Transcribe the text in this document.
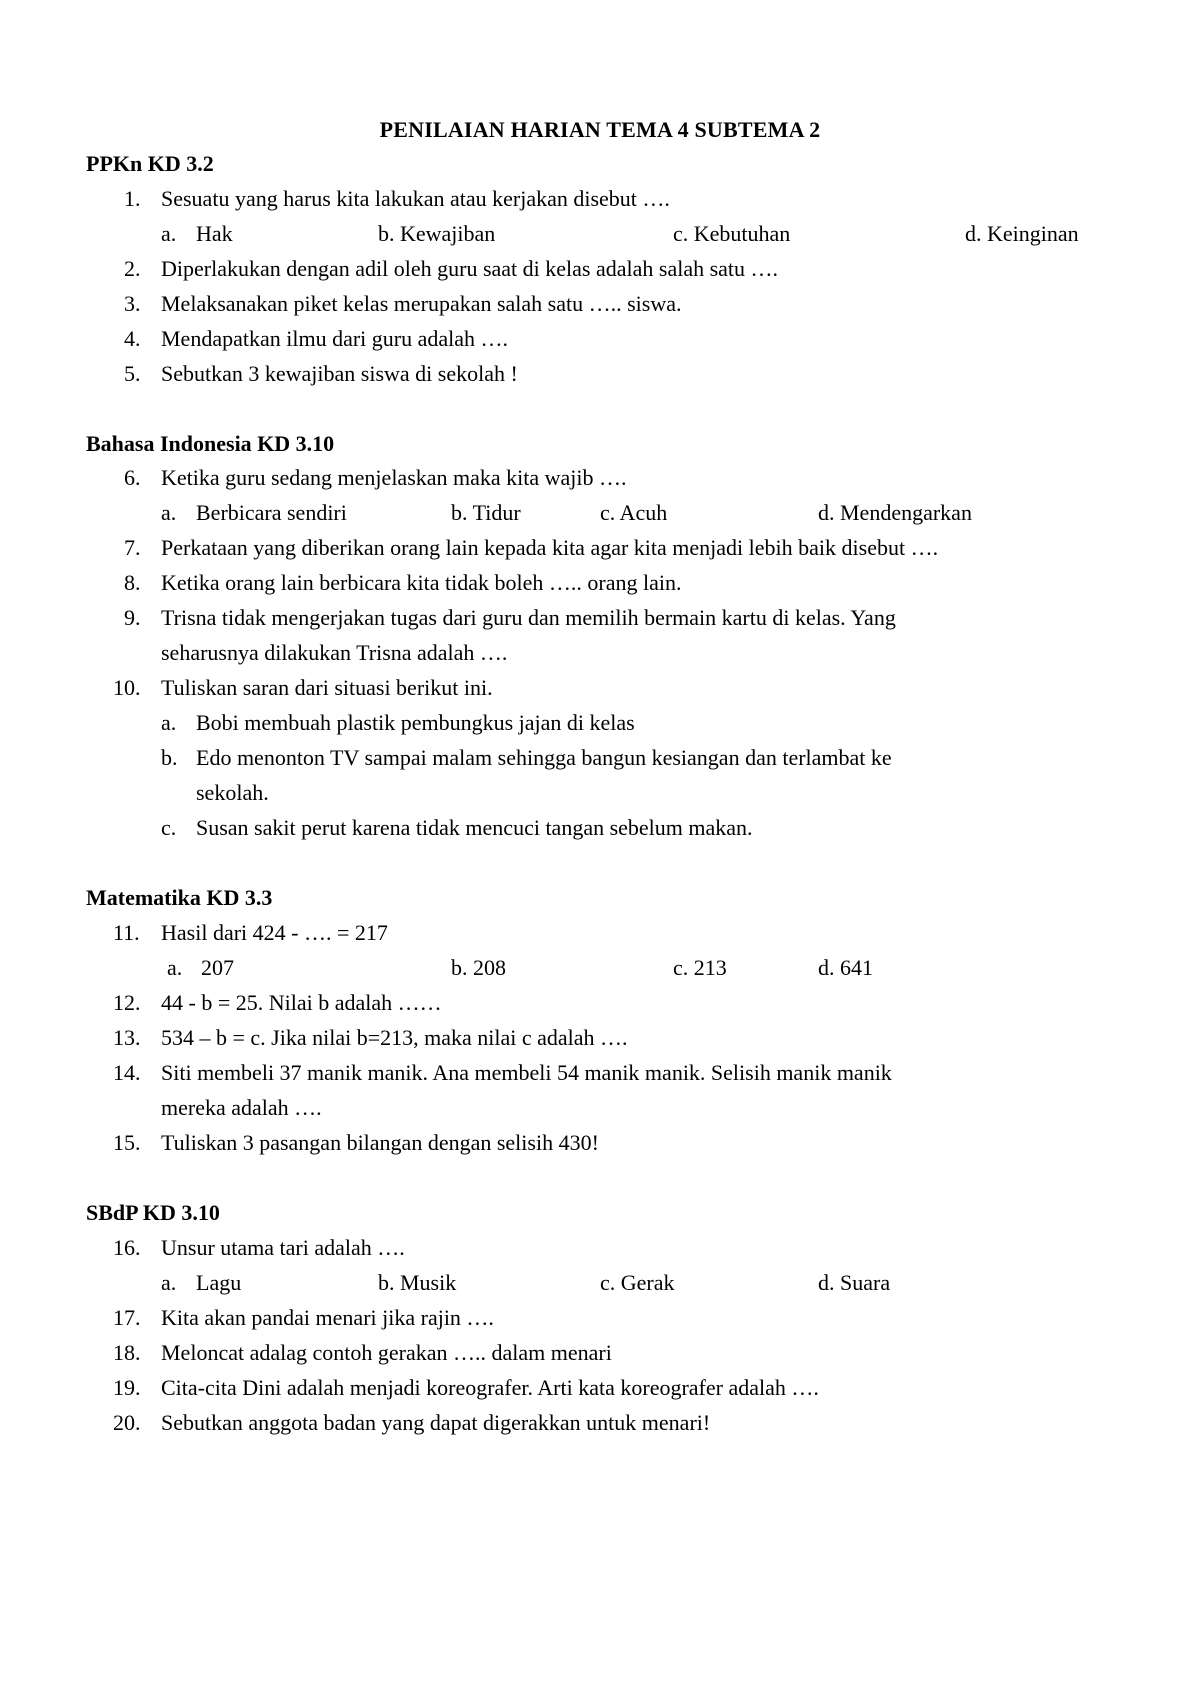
PENILAIAN HARIAN TEMA 4 SUBTEMA 2
PPKn KD 3.2
1. Sesuatu yang harus kita lakukan atau kerjakan disebut ….
a. Hak	b. Kewajiban	c. Kebutuhan	d. Keinginan
2. Diperlakukan dengan adil oleh guru saat di kelas adalah salah satu ….
3. Melaksanakan piket kelas merupakan salah satu ….. siswa.
4. Mendapatkan ilmu dari guru adalah ….
5. Sebutkan 3 kewajiban siswa di sekolah !
Bahasa Indonesia KD 3.10
6. Ketika guru sedang menjelaskan maka kita wajib ….
a. Berbicara sendiri	b. Tidur	c. Acuh	d. Mendengarkan
7. Perkataan yang diberikan orang lain kepada kita agar kita menjadi lebih baik disebut ….
8. Ketika orang lain berbicara kita tidak boleh ….. orang lain.
9. Trisna tidak mengerjakan tugas dari guru dan memilih bermain kartu di kelas. Yang
seharusnya dilakukan Trisna adalah ….
10. Tuliskan saran dari situasi berikut ini.
a. Bobi membuah plastik pembungkus jajan di kelas
b. Edo menonton TV sampai malam sehingga bangun kesiangan dan terlambat ke
sekolah.
c. Susan sakit perut karena tidak mencuci tangan sebelum makan.
Matematika KD 3.3
11. Hasil dari 424 - …. = 217
a. 207	b. 208	c. 213	d. 641
12. 44 - b = 25. Nilai b adalah ……
13. 534 – b = c. Jika nilai b=213, maka nilai c adalah ….
14. Siti membeli 37 manik manik. Ana membeli 54 manik manik. Selisih manik manik
mereka adalah ….
15. Tuliskan 3 pasangan bilangan dengan selisih 430!
SBdP KD 3.10
16. Unsur utama tari adalah ….
a. Lagu	b. Musik	c. Gerak	d. Suara
17. Kita akan pandai menari jika rajin ….
18. Meloncat adalag contoh gerakan ….. dalam menari
19. Cita-cita Dini adalah menjadi koreografer. Arti kata koreografer adalah ….
20. Sebutkan anggota badan yang dapat digerakkan untuk menari!
